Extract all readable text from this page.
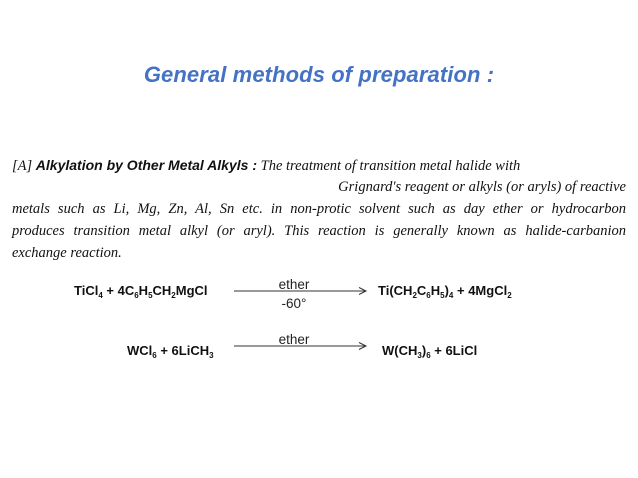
General methods of preparation :
[A] Alkylation by Other Metal Alkyls : The treatment of transition metal halide with
Grignard's reagent or alkyls (or aryls) of reactive
metals such as Li, Mg, Zn, Al, Sn etc. in non-protic solvent such as day ether or hydrocarbon
produces transition metal alkyl (or aryl). This reaction is generally known as halide-carbanion
exchange reaction.
TiCl$_4$ + $4C_6H_5CH_2MgCl$	ether
-60°
$Ti(CH_2C_6H_5)_4$ + 4MgCl$_2$
ether
WCl$_6$ + 6LiCH$_3$	$W(CH_3)_6$ + 6LiCl
